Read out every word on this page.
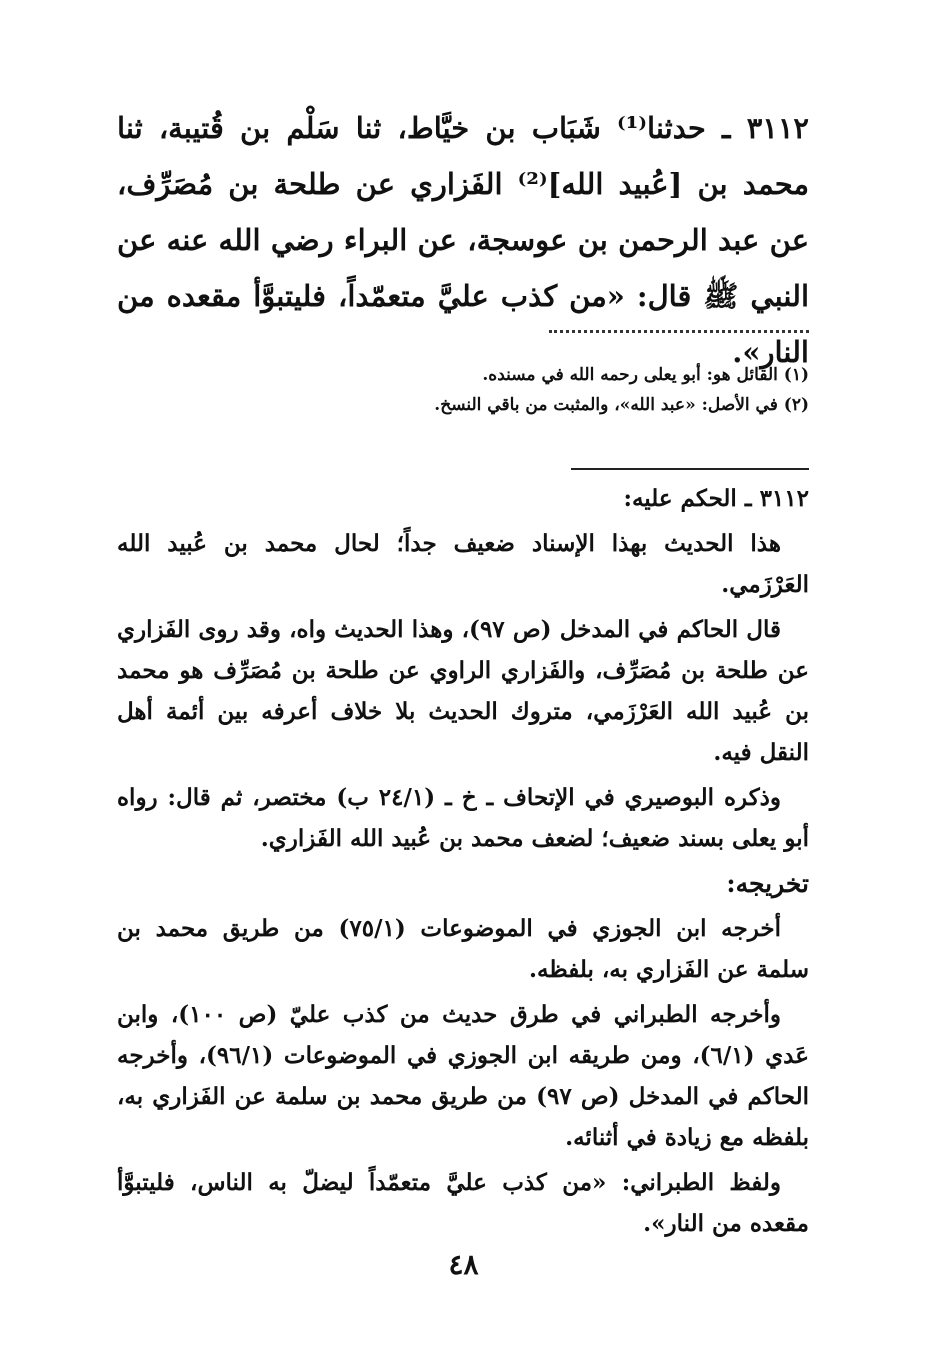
٣١١٢ ـ حدثنا⁽¹⁾ شَبَاب بن خيَّاط، ثنا سَلْم بن قُتيبة، ثنا محمد بن [عُبيد الله]⁽²⁾ الفَزاري عن طلحة بن مُصَرِّف، عن عبد الرحمن بن عوسجة، عن البراء رضي الله عنه عن النبي ﷺ قال: «من كذب عليَّ متعمّداً، فليتبوَّأ مقعده من النار».

(١) القائل هو: أبو يعلى رحمه الله في مسنده.

(٢) في الأصل: «عبد الله»، والمثبت من باقي النسخ.

٣١١٢ ـ الحكم عليه:

هذا الحديث بهذا الإسناد ضعيف جداً؛ لحال محمد بن عُبيد الله العَرْزَمي.

قال الحاكم في المدخل (ص ٩٧)، وهذا الحديث واه، وقد روى الفَزاري عن طلحة بن مُصَرِّف، والفَزاري الراوي عن طلحة بن مُصَرِّف هو محمد بن عُبيد الله العَرْزَمي، متروك الحديث بلا خلاف أعرفه بين أئمة أهل النقل فيه.

وذكره البوصيري في الإتحاف ـ خ ـ (٢٤/١ ب) مختصر، ثم قال: رواه أبو يعلى بسند ضعيف؛ لضعف محمد بن عُبيد الله الفَزاري.

تخريجه:

أخرجه ابن الجوزي في الموضوعات (٧٥/١) من طريق محمد بن سلمة عن الفَزاري به، بلفظه.

وأخرجه الطبراني في طرق حديث من كذب عليّ (ص ١٠٠)، وابن عَدي (٦/١)، ومن طريقه ابن الجوزي في الموضوعات (٩٦/١)، وأخرجه الحاكم في المدخل (ص ٩٧) من طريق محمد بن سلمة عن الفَزاري به، بلفظه مع زيادة في أثنائه.

ولفظ الطبراني: «من كذب عليَّ متعمّداً ليضلّ به الناس، فليتبوَّأ مقعده من النار».

٤٨
